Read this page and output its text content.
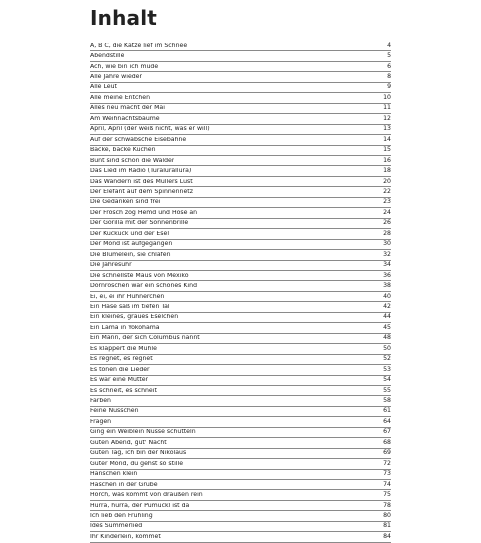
Inhalt
A, B C, die Katze lief im Schnee	4
Abendstille	5
Ach, wie bin ich müde	6
Alle Jahre wieder	8
Alle Leut	9
Alle meine Entchen	10
Alles neu macht der Mai	11
Am Weihnachtsbaume	12
April, April (der weiß nicht, was er will)	13
Auf der schwäbsche Eisebahne	14
Backe, backe Kuchen	15
Bunt sind schon die Wälder	16
Das Lied im Radio (Turalurallura)	18
Das Wandern ist des Müllers Lust	20
Der Elefant auf dem Spinnennetz	22
Die Gedanken sind frei	23
Der Frosch zog Hemd und Hose an	24
Der Gorilla mit der Sonnenbrille	26
Der Kuckuck und der Esel	28
Der Mond ist aufgegangen	30
Die Blümelein, sie chlafen	32
Die Jahresuhr	34
Die schnellste Maus von Mexiko	36
Dornröschen war ein schönes Kind	38
Ei, ei, ei ihr Hühnerchen	40
Ein Hase saß im tiefen Tal	42
Ein kleines, graues Eselchen	44
Ein Lama in Yokohama	45
Ein Mann, der sich Columbus nannt	48
Es klappert die Mühle	50
Es regnet, es regnet	52
Es tönen die Lieder	53
Es war eine Mutter	54
Es schneit, es schneit	55
Farben	58
Feine Nüsschen	61
Fragen	64
Ging ein Weiblein Nüsse schütteln	67
Guten Abend, gut' Nacht	68
Guten Tag, ich bin der Nikolaus	69
Guter Mond, du gehst so stille	72
Hänschen klein	73
Häschen in der Grube	74
Horch, was kommt von draußen rein	75
Hurra, hurra, der Pumuckl ist da	78
Ich lieb den Frühling	80
Ides Summerlied	81
Ihr Kinderlein, kommet	84
